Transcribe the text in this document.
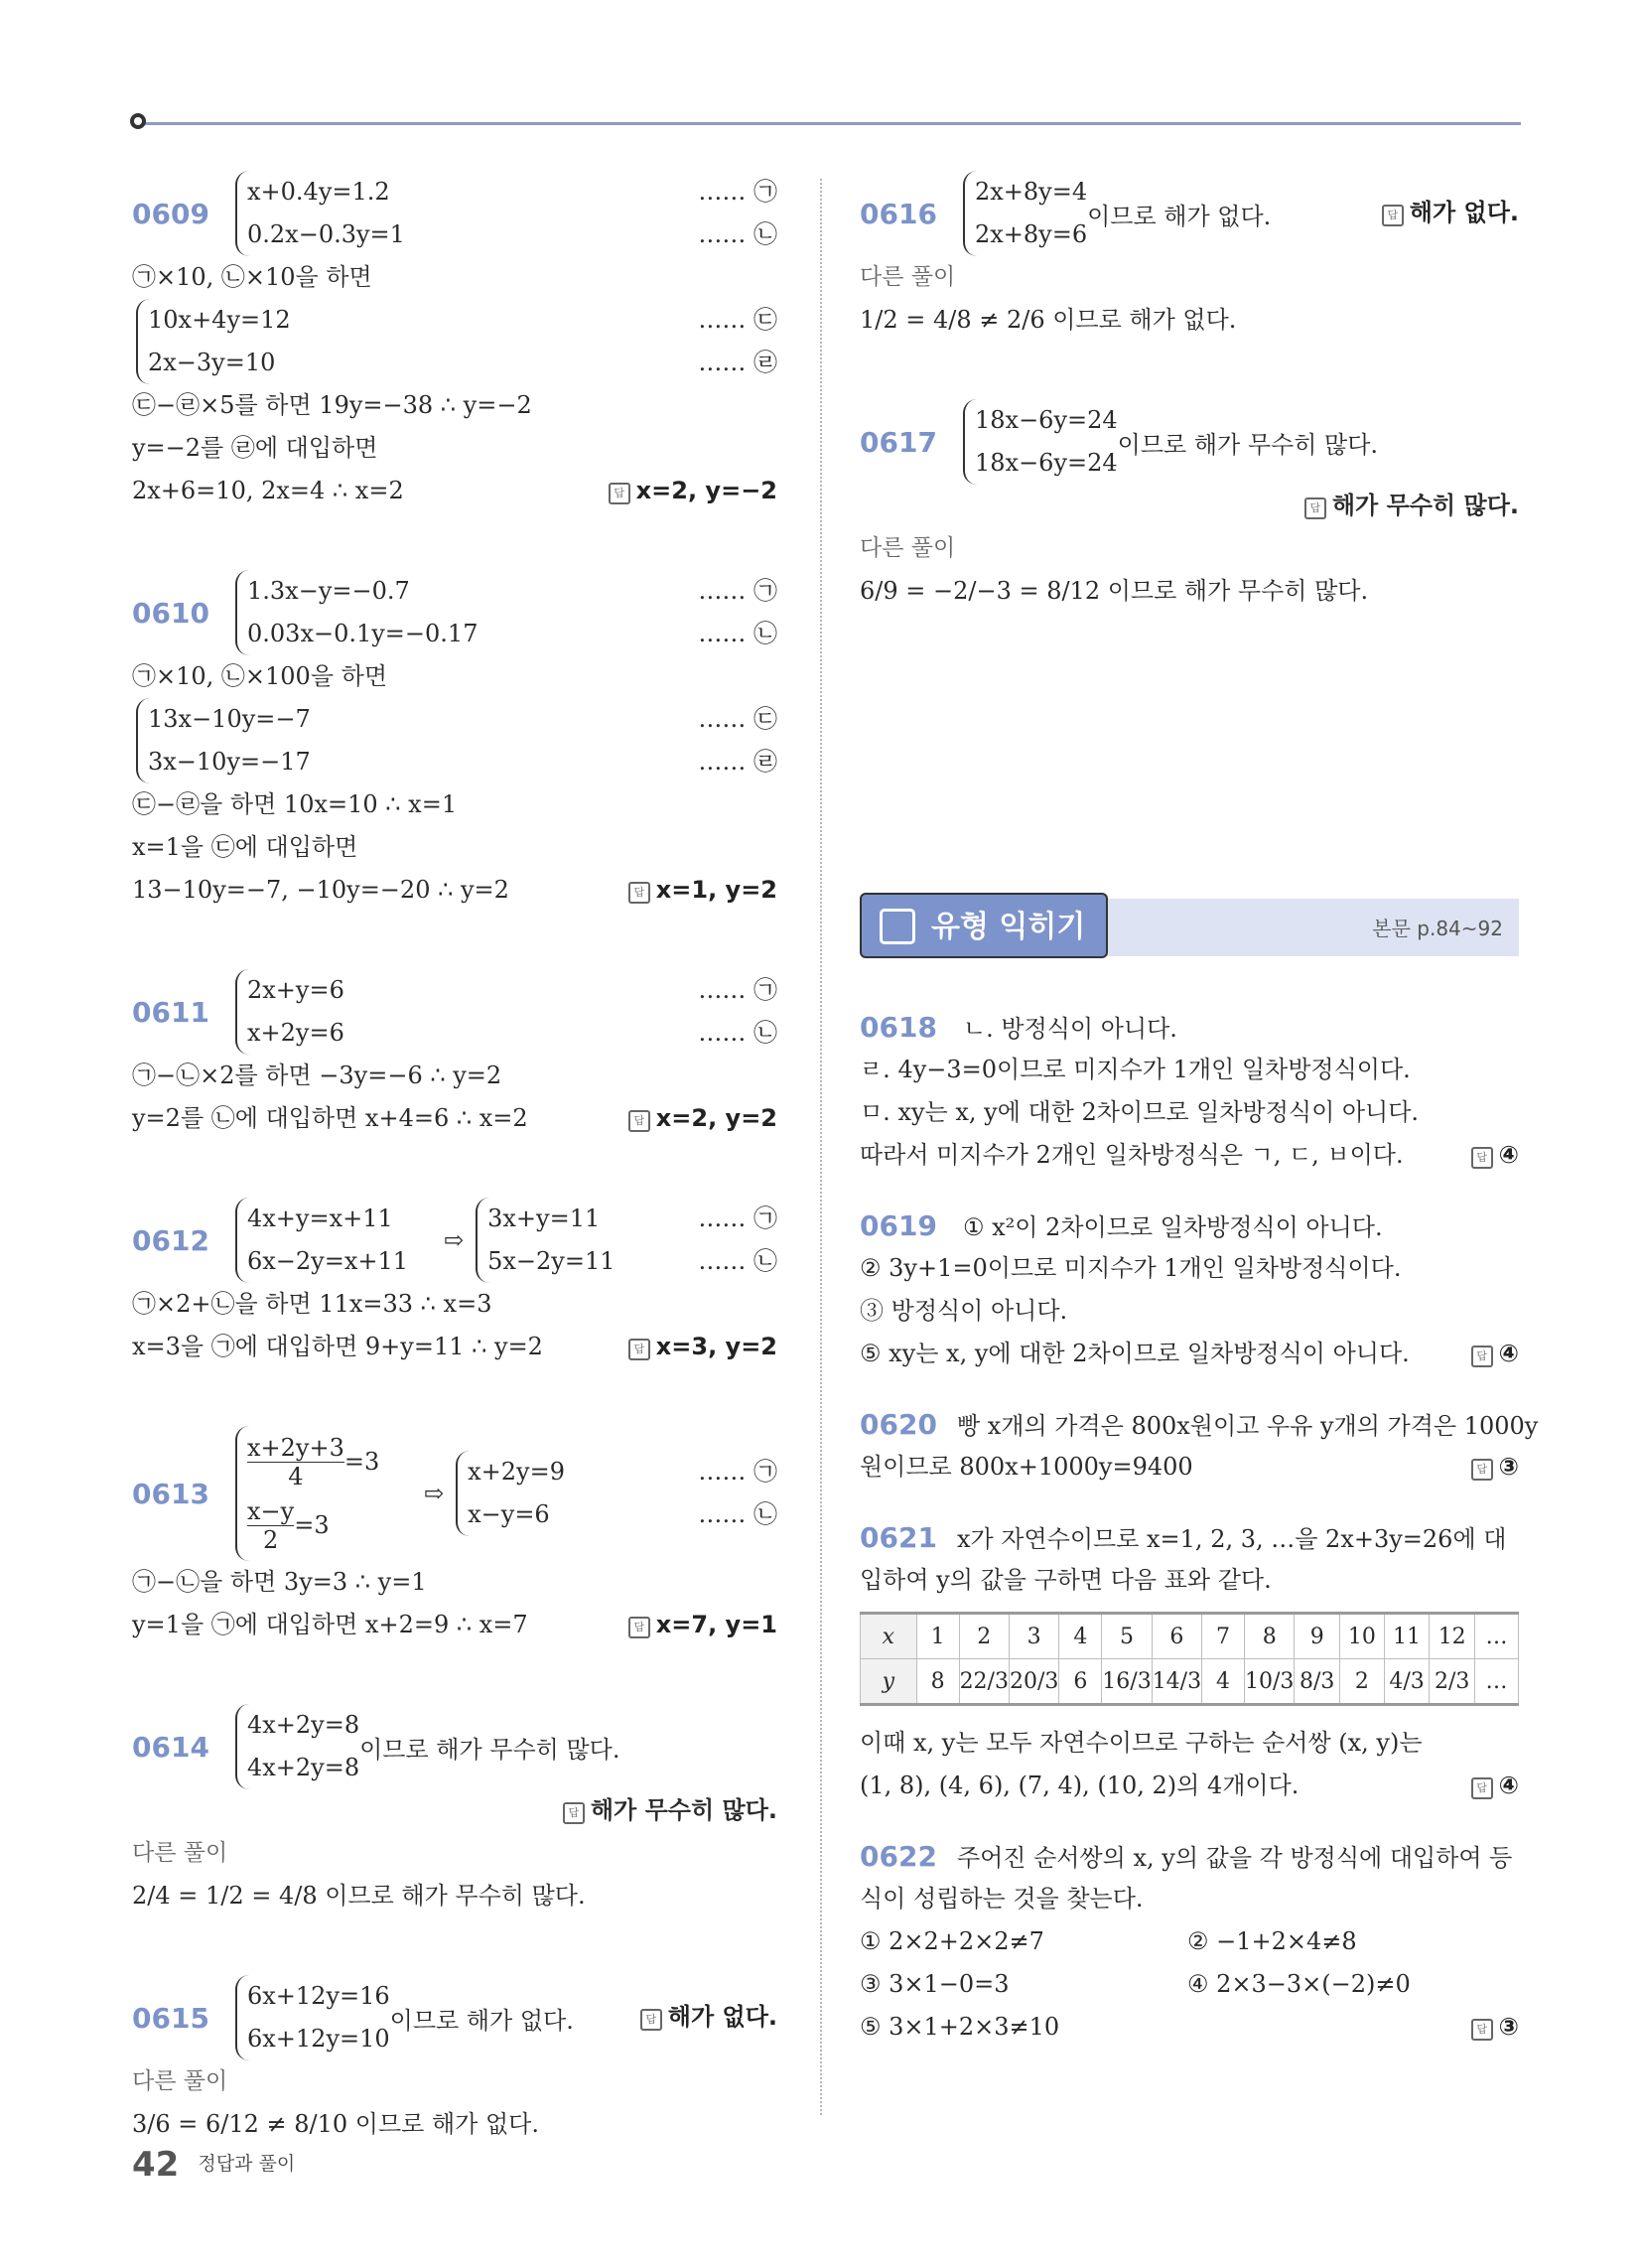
0609
x+0.4y=1.2	…… ㉠
0.2x−0.3y=1	…… ㉡
㉠×10, ㉡×10을 하면
10x+4y=12	…… ㉢
2x−3y=10	…… ㉣
㉢−㉣×5를 하면 19y=−38 ∴ y=−2
y=−2를 ㉣에 대입하면
2x+6=10, 2x=4 ∴ x=2	답 x=2, y=−2
0610
1.3x−y=−0.7	…… ㉠
0.03x−0.1y=−0.17	…… ㉡
㉠×10, ㉡×100을 하면
13x−10y=−7	…… ㉢
3x−10y=−17	…… ㉣
㉢−㉣을 하면 10x=10 ∴ x=1
x=1을 ㉢에 대입하면
13−10y=−7, −10y=−20 ∴ y=2	답 x=1, y=2
0611
2x+y=6	…… ㉠
x+2y=6	…… ㉡
㉠−㉡×2를 하면 −3y=−6 ∴ y=2
y=2를 ㉡에 대입하면 x+4=6 ∴ x=2	답 x=2, y=2
0612
4x+y=x+11
6x−2y=x+11
⇨
3x+y=11	…… ㉠
5x−2y=11	…… ㉡
㉠×2+㉡을 하면 11x=33 ∴ x=3
x=3을 ㉠에 대입하면 9+y=11 ∴ y=2	답 x=3, y=2
0613
$\frac{x+2y+3}{4} =3$
$\frac{x-y}{2} =3$
⇨
x+2y=9	…… ㉠
x−y=6	…… ㉡
㉠−㉡을 하면 3y=3 ∴ y=1
y=1을 ㉠에 대입하면 x+2=9 ∴ x=7	답 x=7, y=1
0614
4x+2y=8
4x+2y=8
이므로 해가 무수히 많다.
답 해가 무수히 많다.
다른 풀이
2/4 = 1/2 = 4/8 이므로 해가 무수히 많다.
0615
6x+12y=16
6x+12y=10
이므로 해가 없다.	답 해가 없다.
다른 풀이
3/6 = 6/12 ≠ 8/10 이므로 해가 없다.
0616
2x+8y=4
2x+8y=6
이므로 해가 없다.	답 해가 없다.
다른 풀이
1/2 = 4/8 ≠ 2/6 이므로 해가 없다.
0617
18x−6y=24
18x−6y=24
이므로 해가 무수히 많다.
답 해가 무수히 많다.
다른 풀이
6/9 = −2/−3 = 8/12 이므로 해가 무수히 많다.
본문 p.84~92
유형 익히기
0618 ㄴ. 방정식이 아니다.
ㄹ. 4y−3=0이므로 미지수가 1개인 일차방정식이다.
ㅁ. xy는 x, y에 대한 2차이므로 일차방정식이 아니다.
따라서 미지수가 2개인 일차방정식은 ㄱ, ㄷ, ㅂ이다.	답 ④
0619 ① x²이 2차이므로 일차방정식이 아니다.
② 3y+1=0이므로 미지수가 1개인 일차방정식이다.
③ 방정식이 아니다.
⑤ xy는 x, y에 대한 2차이므로 일차방정식이 아니다.	답 ④
0620 빵 x개의 가격은 800x원이고 우유 y개의 가격은 1000y
원이므로 800x+1000y=9400	답 ③
0621 x가 자연수이므로 x=1, 2, 3, …을 2x+3y=26에 대
입하여 y의 값을 구하면 다음 표와 같다.
x	1	2	3	4	5	6	7	8	9	10	11	12	…
y	8	22/3	20/3	6	16/3	14/3	4	10/3	8/3	2	4/3	2/3	…
이때 x, y는 모두 자연수이므로 구하는 순서쌍 (x, y)는
(1, 8), (4, 6), (7, 4), (10, 2)의 4개이다.	답 ④
0622 주어진 순서쌍의 x, y의 값을 각 방정식에 대입하여 등
식이 성립하는 것을 찾는다.
① 2×2+2×2≠7	② −1+2×4≠8
③ 3×1−0=3	④ 2×3−3×(−2)≠0
⑤ 3×1+2×3≠10	답 ③
42 정답과 풀이
